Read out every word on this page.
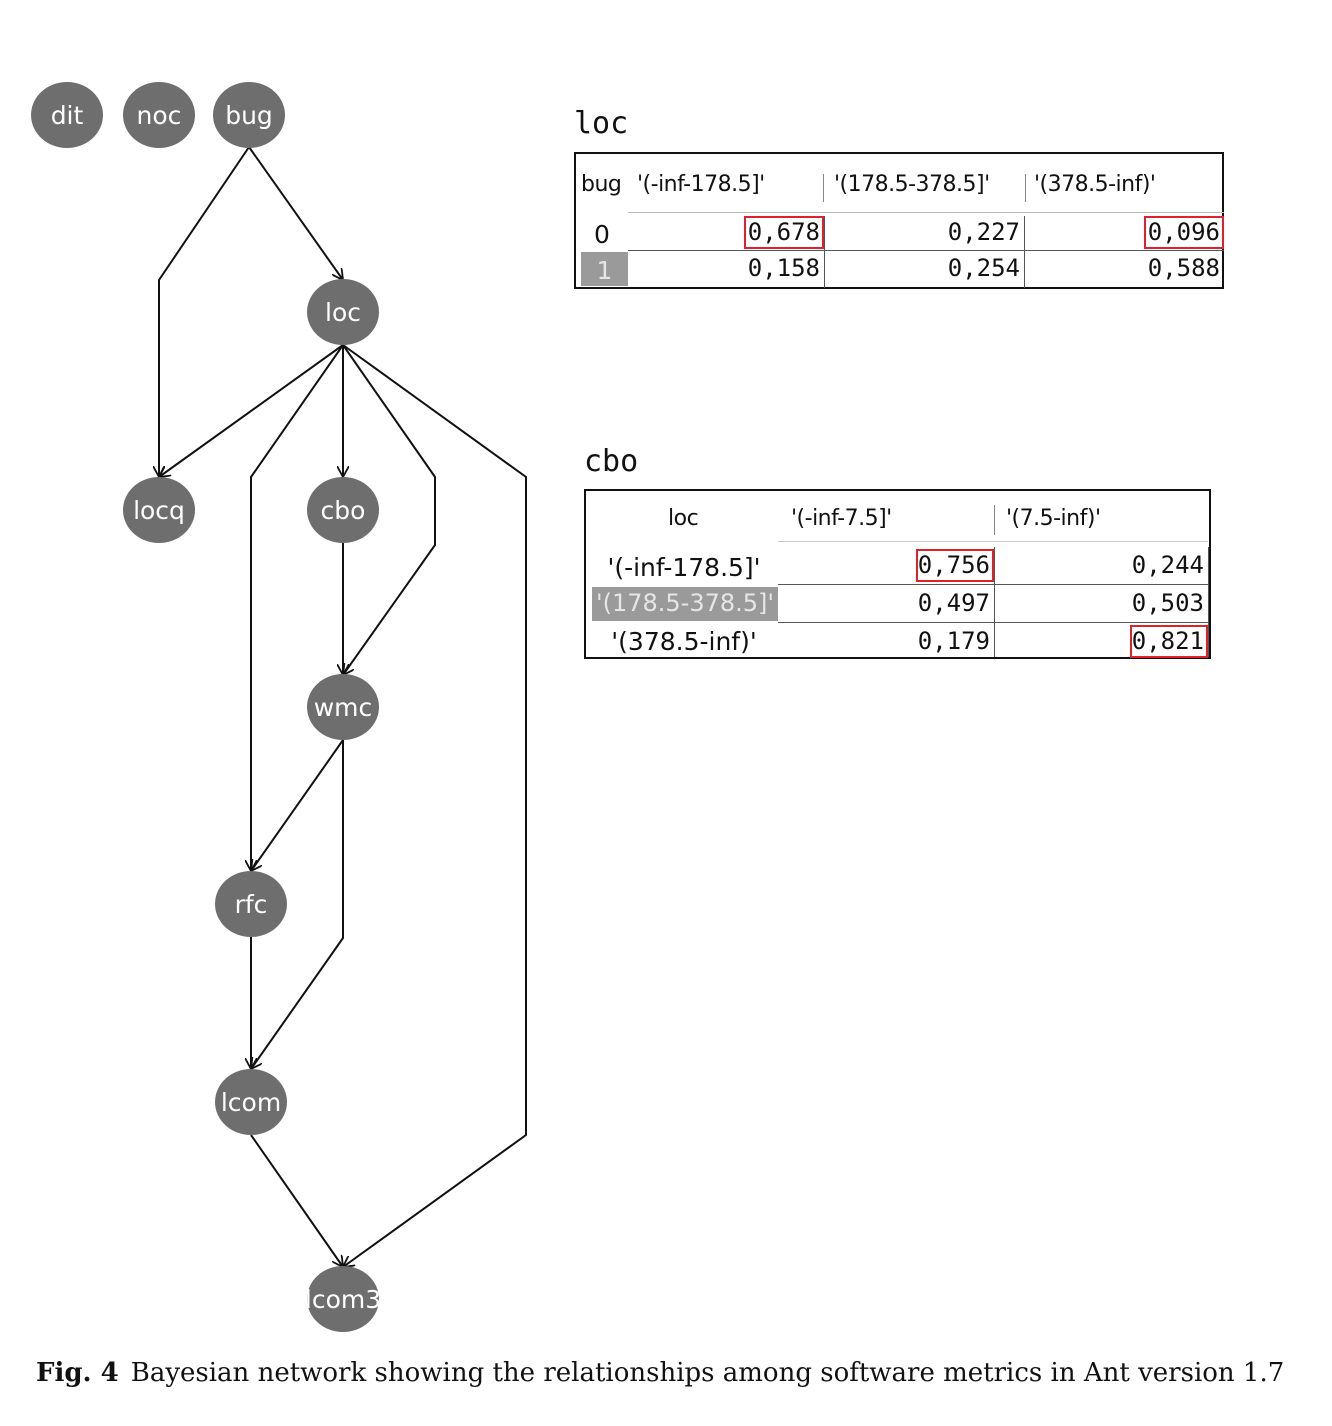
dit noc bug
loc
locq	cbo
wmc
rfc
lcom
lcom3
loc
bug '(-inf-178.5]'	'(178.5-378.5]' '(378.5-inf)'
0	0,678	0,227	0,096
1	0,158	0,254	0,588
cbo
loc	'(-inf-7.5]'	'(7.5-inf)'
'(-inf-178.5]'	0,756	0,244
'(178.5-378.5]'	0,497	0,503
'(378.5-inf)'	0,179	0,821
Fig. 4 Bayesian network showing the relationships among software metrics in Ant version 1.7
